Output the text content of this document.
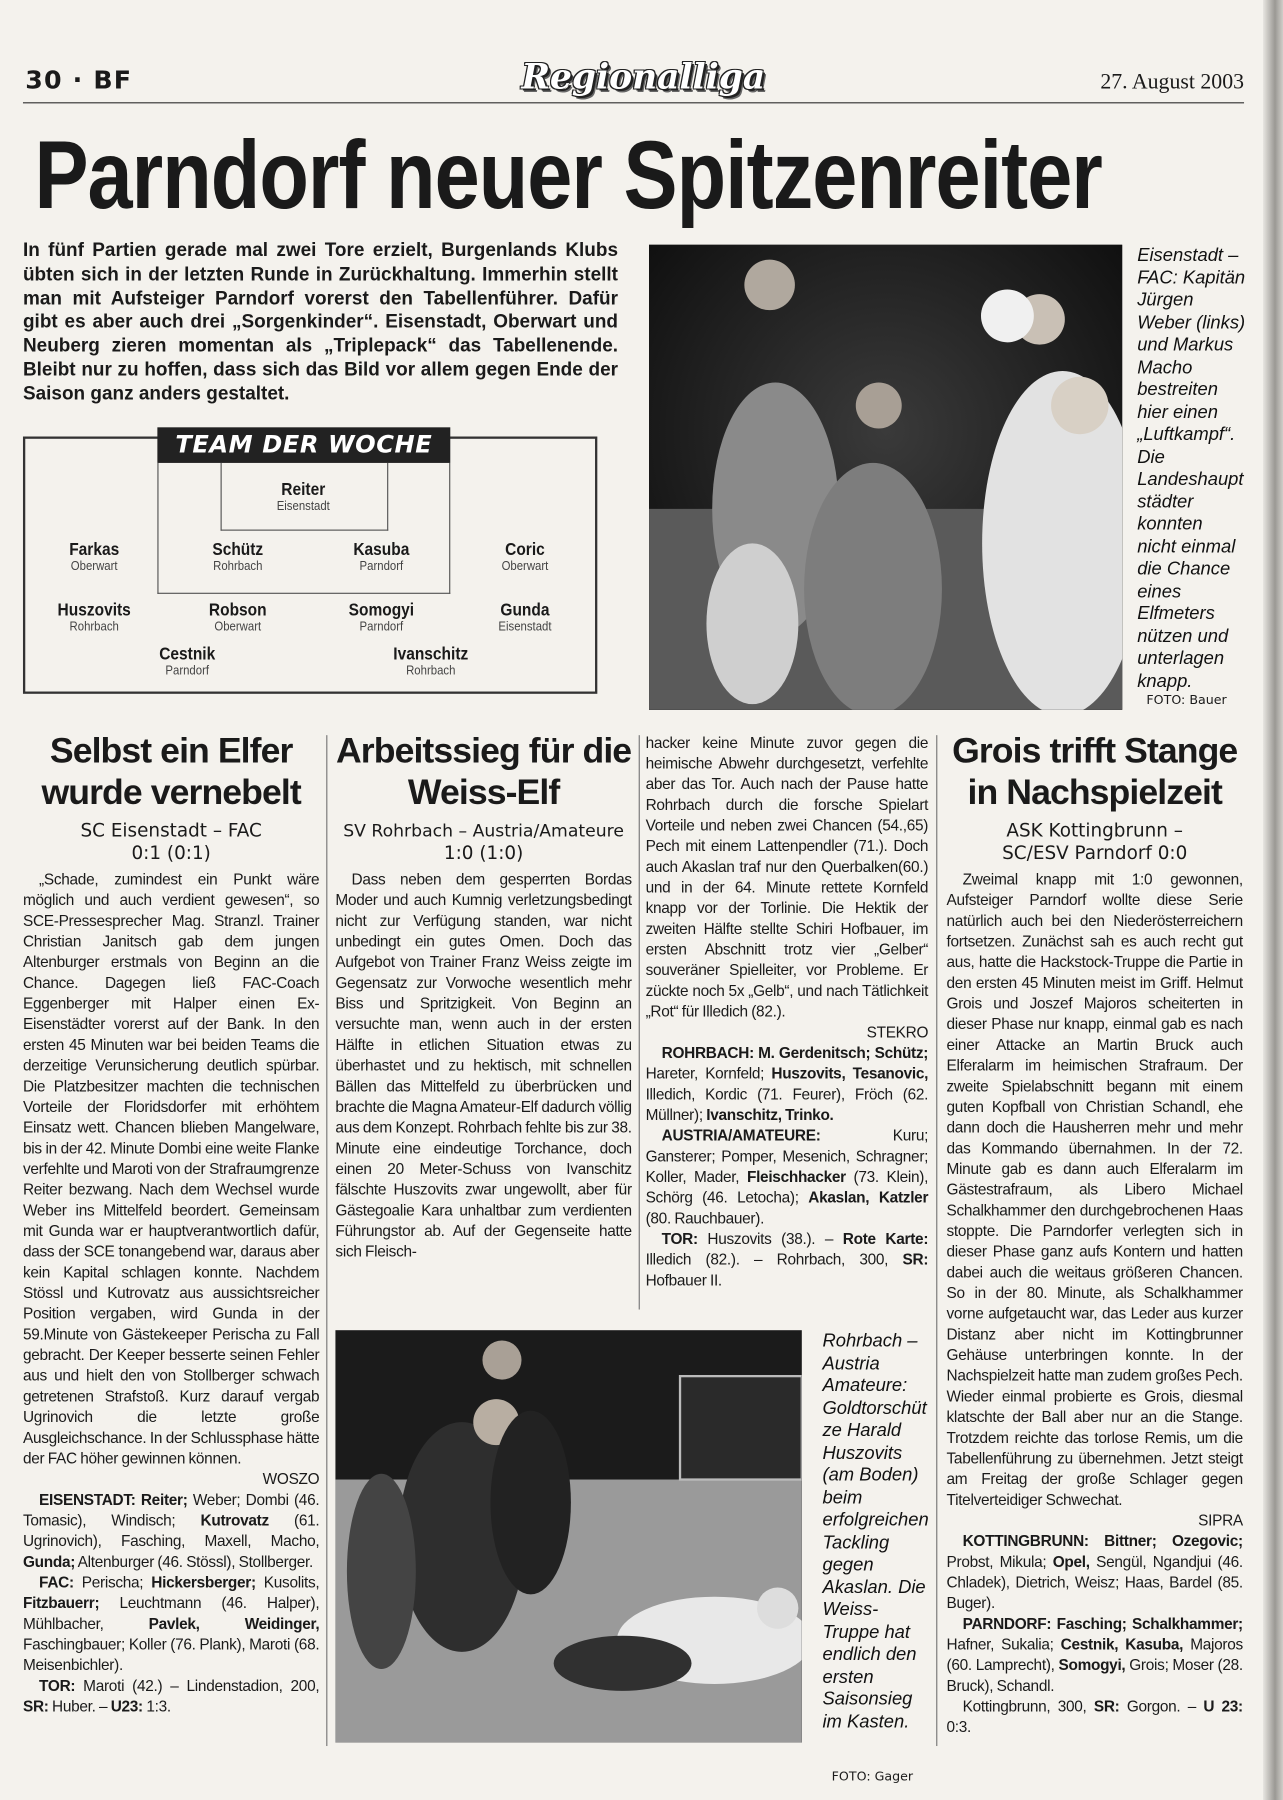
30 · BF	Regionalliga	27. August 2003
Parndorf neuer Spitzenreiter
In fünf Partien gerade mal zwei Tore erzielt, Burgenlands Klubs übten sich in der letzten Runde in Zurückhaltung. Immerhin stellt man mit Aufsteiger Parndorf vorerst den Tabellenführer. Dafür gibt es aber auch drei „Sorgenkinder“. Eisenstadt, Oberwart und Neuberg zieren momentan als „Triplepack“ das Tabellenende. Bleibt nur zu hoffen, dass sich das Bild vor allem gegen Ende der Saison ganz anders gestaltet.
TEAM DER WOCHE
Reiter
Eisenstadt
Farkas
Oberwart
Schütz
Rohrbach
Kasuba
Parndorf
Coric
Oberwart
Huszovits
Rohrbach
Robson
Oberwart
Somogyi
Parndorf
Gunda
Eisenstadt
Cestnik
Parndorf
Ivanschitz
Rohrbach
Eisenstadt – FAC: Kapitän Jürgen Weber (links) und Markus Macho bestreiten hier einen „Luftkampf“. Die Landeshauptstädter konnten nicht einmal die Chance eines Elfmeters nützen und unterlagen knapp.
FOTO: Bauer
Selbst ein Elfer wurde vernebelt
SC Eisenstadt – FAC
0:1 (0:1)

„Schade, zumindest ein Punkt wäre möglich und auch verdient gewesen“, so SCE-Pressesprecher Mag. Stranzl. Trainer Christian Janitsch gab dem jungen Altenburger erstmals von Beginn an die Chance. Dagegen ließ FAC-Coach Eggenberger mit Halper einen Ex-Eisenstädter vorerst auf der Bank. In den ersten 45 Minuten war bei beiden Teams die derzeitige Verunsicherung deutlich spürbar. Die Platzbesitzer machten die technischen Vorteile der Floridsdorfer mit erhöhtem Einsatz wett. Chancen blieben Mangelware, bis in der 42. Minute Dombi eine weite Flanke verfehlte und Maroti von der Strafraumgrenze Reiter bezwang. Nach dem Wechsel wurde Weber ins Mittelfeld beordert. Gemeinsam mit Gunda war er hauptverantwortlich dafür, dass der SCE tonangebend war, daraus aber kein Kapital schlagen konnte. Nachdem Stössl und Kutrovatz aus aussichtsreicher Position vergaben, wird Gunda in der 59.Minute von Gästekeeper Perischa zu Fall gebracht. Der Keeper besserte seinen Fehler aus und hielt den von Stollberger schwach getretenen Strafstoß. Kurz darauf vergab Ugrinovich die letzte große Ausgleichschance. In der Schlussphase hätte der FAC höher gewinnen können.
WOSZO

EISENSTADT: Reiter; Weber; Dombi (46. Tomasic), Windisch; Kutrovatz (61. Ugrinovich), Fasching, Maxell, Macho, Gunda; Altenburger (46. Stössl), Stollberger.

FAC: Perischa; Hickersberger; Kusolits, Fitzbauerr; Leuchtmann (46. Halper), Mühlbacher, Pavlek, Weidinger, Faschingbauer; Koller (76. Plank), Maroti (68. Meisenbichler).

TOR: Maroti (42.) – Lindenstadion, 200, SR: Huber. – U23: 1:3.

Arbeitssieg für die Weiss-Elf
SV Rohrbach – Austria/Amateure
1:0 (1:0)

Dass neben dem gesperrten Bordas Moder und auch Kumnig verletzungsbedingt nicht zur Verfügung standen, war nicht unbedingt ein gutes Omen. Doch das Aufgebot von Trainer Franz Weiss zeigte im Gegensatz zur Vorwoche wesentlich mehr Biss und Spritzigkeit. Von Beginn an versuchte man, wenn auch in der ersten Hälfte in etlichen Situation etwas zu überhastet und zu hektisch, mit schnellen Bällen das Mittelfeld zu überbrücken und brachte die Magna Amateur-Elf dadurch völlig aus dem Konzept. Rohrbach fehlte bis zur 38. Minute eine eindeutige Torchance, doch einen 20 Meter-Schuss von Ivanschitz fälschte Huszovits zwar ungewollt, aber für Gästegoalie Kara unhaltbar zum verdienten Führungstor ab. Auf der Gegenseite hatte sich Fleisch-

hacker keine Minute zuvor gegen die heimische Abwehr durchgesetzt, verfehlte aber das Tor. Auch nach der Pause hatte Rohrbach durch die forsche Spielart Vorteile und neben zwei Chancen (54.,65) Pech mit einem Lattenpendler (71.). Doch auch Akaslan traf nur den Querbalken(60.) und in der 64. Minute rettete Kornfeld knapp vor der Torlinie. Die Hektik der zweiten Hälfte stellte Schiri Hofbauer, im ersten Abschnitt trotz vier „Gelber“ souveräner Spielleiter, vor Probleme. Er zückte noch 5x „Gelb“, und nach Tätlichkeit „Rot“ für Illedich (82.).
STEKRO

ROHRBACH: M. Gerdenitsch; Schütz; Hareter, Kornfeld; Huszovits, Tesanovic, Illedich, Kordic (71. Feurer), Fröch (62. Müllner); Ivanschitz, Trinko.

AUSTRIA/AMATEURE: Kuru; Gansterer; Pomper, Mesenich, Schragner; Koller, Mader, Fleischhacker (73. Klein), Schörg (46. Letocha); Akaslan, Katzler (80. Rauchbauer).

TOR: Huszovits (38.). – Rote Karte: Illedich (82.). – Rohrbach, 300, SR: Hofbauer II.

Rohrbach – Austria Amateure: Goldtorschütze Harald Huszovits (am Boden) beim erfolgreichen Tackling gegen Akaslan. Die Weiss-Truppe hat endlich den ersten Saisonsieg im Kasten.
FOTO: Gager
Grois trifft Stange in Nachspielzeit
ASK Kottingbrunn –
SC/ESV Parndorf 0:0

Zweimal knapp mit 1:0 gewonnen, Aufsteiger Parndorf wollte diese Serie natürlich auch bei den Niederösterreichern fortsetzen. Zunächst sah es auch recht gut aus, hatte die Hackstock-Truppe die Partie in den ersten 45 Minuten meist im Griff. Helmut Grois und Joszef Majoros scheiterten in dieser Phase nur knapp, einmal gab es nach einer Attacke an Martin Bruck auch Elferalarm im heimischen Strafraum. Der zweite Spielabschnitt begann mit einem guten Kopfball von Christian Schandl, ehe dann doch die Hausherren mehr und mehr das Kommando übernahmen. In der 72. Minute gab es dann auch Elferalarm im Gästestrafraum, als Libero Michael Schalkhammer den durchgebrochenen Haas stoppte. Die Parndorfer verlegten sich in dieser Phase ganz aufs Kontern und hatten dabei auch die weitaus größeren Chancen. So in der 80. Minute, als Schalkhammer vorne aufgetaucht war, das Leder aus kurzer Distanz aber nicht im Kottingbrunner Gehäuse unterbringen konnte. In der Nachspielzeit hatte man zudem großes Pech. Wieder einmal probierte es Grois, diesmal klatschte der Ball aber nur an die Stange. Trotzdem reichte das torlose Remis, um die Tabellenführung zu übernehmen. Jetzt steigt am Freitag der große Schlager gegen Titelverteidiger Schwechat.
SIPRA

KOTTINGBRUNN: Bittner; Ozegovic; Probst, Mikula; Opel, Sengül, Ngandjui (46. Chladek), Dietrich, Weisz; Haas, Bardel (85. Buger).

PARNDORF: Fasching; Schalkhammer; Hafner, Sukalia; Cestnik, Kasuba, Majoros (60. Lamprecht), Somogyi, Grois; Moser (28. Bruck), Schandl.

Kottingbrunn, 300, SR: Gorgon. – U 23: 0:3.
